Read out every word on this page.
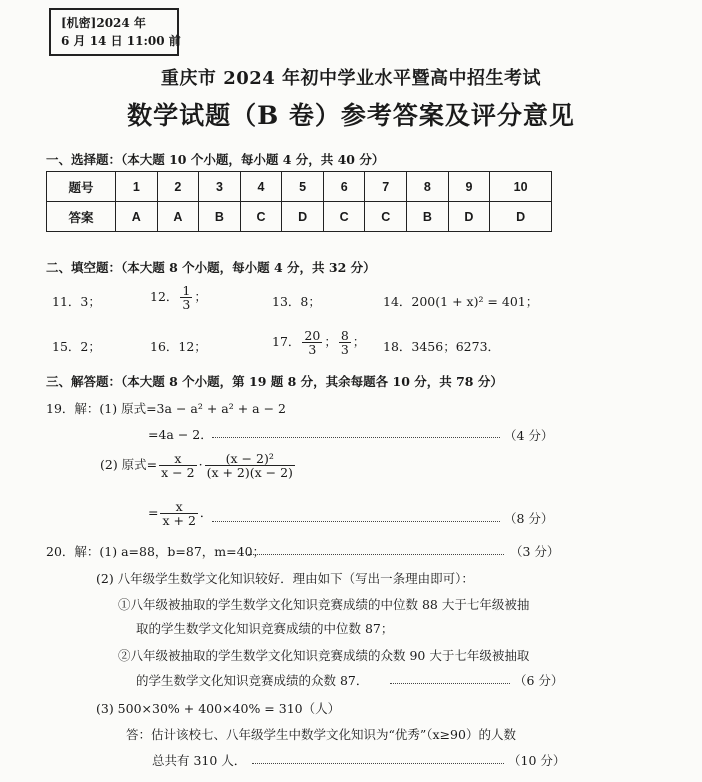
[机密]2024 年
6 月 14 日 11:00 前
重庆市 2024 年初中学业水平暨高中招生考试
数学试题（B 卷）参考答案及评分意见
一、选择题：（本大题 10 个小题，每小题 4 分，共 40 分）
题号	1	2	3	4	5	6	7	8	9	10
答案	A	A	B	C	D	C	C	B	D	D
二、填空题：（本大题 8 个小题，每小题 4 分，共 32 分）
11．3；	12． $\frac{1}{3}$ ；	13．8；	14．200(1 + x)² = 401；
15．2；	16．12；	17． $\frac{20}{3}$ ； $\frac{8}{3}$ ； 18．3456；6273．
三、解答题：（本大题 8 个小题，第 19 题 8 分，其余每题各 10 分，共 78 分）
19．解：(1) 原式=3a − a² + a² + a − 2
=4a − 2．	（4 分）
(2) 原式= $\frac{x}{x - 2} \cdot \frac{\text{(x − 2)²}}{(x + 2)(x - 2)}$
= $\frac{x}{x + 2}$ ．	（8 分）
20．解：(1) a=88，b=87，m=40；	（3 分）
(2) 八年级学生数学文化知识较好．理由如下（写出一条理由即可）：
①八年级被抽取的学生数学文化知识竞赛成绩的中位数 88 大于七年级被抽
取的学生数学文化知识竞赛成绩的中位数 87；
②八年级被抽取的学生数学文化知识竞赛成绩的众数 90 大于七年级被抽取
的学生数学文化知识竞赛成绩的众数 87．	（6 分）
(3) 500×30% + 400×40% = 310（人）
答：估计该校七、八年级学生中数学文化知识为“优秀”（x≥90）的人数
总共有 310 人．	（10 分）
